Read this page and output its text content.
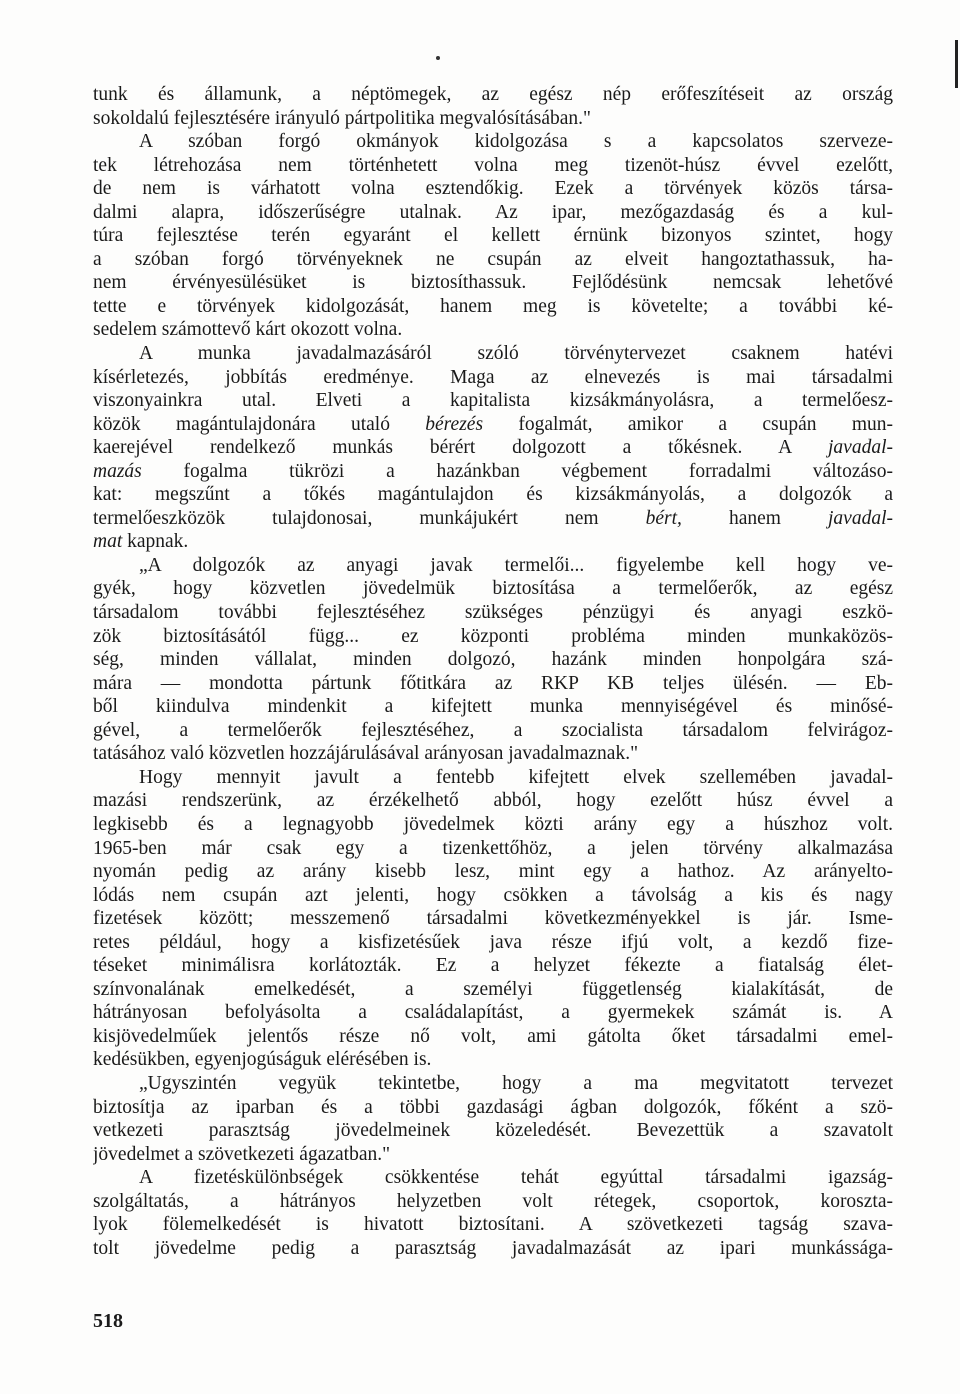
tunk és államunk, a néptömegek, az egész nép erőfeszítéseit az ország
sokoldalú fejlesztésére irányuló pártpolitika megvalósításában."
A szóban forgó okmányok kidolgozása s a kapcsolatos szerveze-
tek létrehozása nem történhetett volna meg tizenöt-húsz évvel ezelőtt,
de nem is várhatott volna esztendőkig. Ezek a törvények közös társa-
dalmi alapra, időszerűségre utalnak. Az ipar, mezőgazdaság és a kul-
túra fejlesztése terén egyaránt el kellett érnünk bizonyos szintet, hogy
a szóban forgó törvényeknek ne csupán az elveit hangoztathassuk, ha-
nem érvényesülésüket is biztosíthassuk. Fejlődésünk nemcsak lehetővé
tette e törvények kidolgozását, hanem meg is követelte; a további ké-
sedelem számottevő kárt okozott volna.
A munka javadalmazásáról szóló törvénytervezet csaknem hatévi
kísérletezés, jobbítás eredménye. Maga az elnevezés is mai társadalmi
viszonyainkra utal. Elveti a kapitalista kizsákmányolásra, a termelőesz-
közök magántulajdonára utaló bérezés fogalmát, amikor a csupán mun-
kaerejével rendelkező munkás bérért dolgozott a tőkésnek. A javadal-
mazás fogalma tükrözi a hazánkban végbement forradalmi változáso-
kat: megszűnt a tőkés magántulajdon és kizsákmányolás, a dolgozók a
termelőeszközök tulajdonosai, munkájukért nem bért, hanem javadal-
mat kapnak.
„A dolgozók az anyagi javak termelői... figyelembe kell hogy ve-
gyék, hogy közvetlen jövedelmük biztosítása a termelőerők, az egész
társadalom további fejlesztéséhez szükséges pénzügyi és anyagi eszkö-
zök biztosításától függ... ez központi probléma minden munkaközös-
ség, minden vállalat, minden dolgozó, hazánk minden honpolgára szá-
mára — mondotta pártunk főtitkára az RKP KB teljes ülésén. — Eb-
ből kiindulva mindenkit a kifejtett munka mennyiségével és minősé-
gével, a termelőerők fejlesztéséhez, a szocialista társadalom felvirágoz-
tatásához való közvetlen hozzájárulásával arányosan javadalmaznak."
Hogy mennyit javult a fentebb kifejtett elvek szellemében javadal-
mazási rendszerünk, az érzékelhető abból, hogy ezelőtt húsz évvel a
legkisebb és a legnagyobb jövedelmek közti arány egy a húszhoz volt.
1965-ben már csak egy a tizenkettőhöz, a jelen törvény alkalmazása
nyomán pedig az arány kisebb lesz, mint egy a hathoz. Az arányelto-
lódás nem csupán azt jelenti, hogy csökken a távolság a kis és nagy
fizetések között; messzemenő társadalmi következményekkel is jár. Isme-
retes például, hogy a kisfizetésűek java része ifjú volt, a kezdő fize-
téseket minimálisra korlátozták. Ez a helyzet fékezte a fiatalság élet-
színvonalának emelkedését, a személyi függetlenség kialakítását, de
hátrányosan befolyásolta a családalapítást, a gyermekek számát is. A
kisjövedelműek jelentős része nő volt, ami gátolta őket társadalmi emel-
kedésükben, egyenjogúságuk elérésében is.
„Ugyszintén vegyük tekintetbe, hogy a ma megvitatott tervezet
biztosítja az iparban és a többi gazdasági ágban dolgozók, főként a szö-
vetkezeti parasztság jövedelmeinek közeledését. Bevezettük a szavatolt
jövedelmet a szövetkezeti ágazatban."
A fizetéskülönbségek csökkentése tehát egyúttal társadalmi igazság-
szolgáltatás, a hátrányos helyzetben volt rétegek, csoportok, koroszta-
lyok fölemelkedését is hivatott biztosítani. A szövetkezeti tagság szava-
tolt jövedelme pedig a parasztság javadalmazását az ipari munkássága-
518
